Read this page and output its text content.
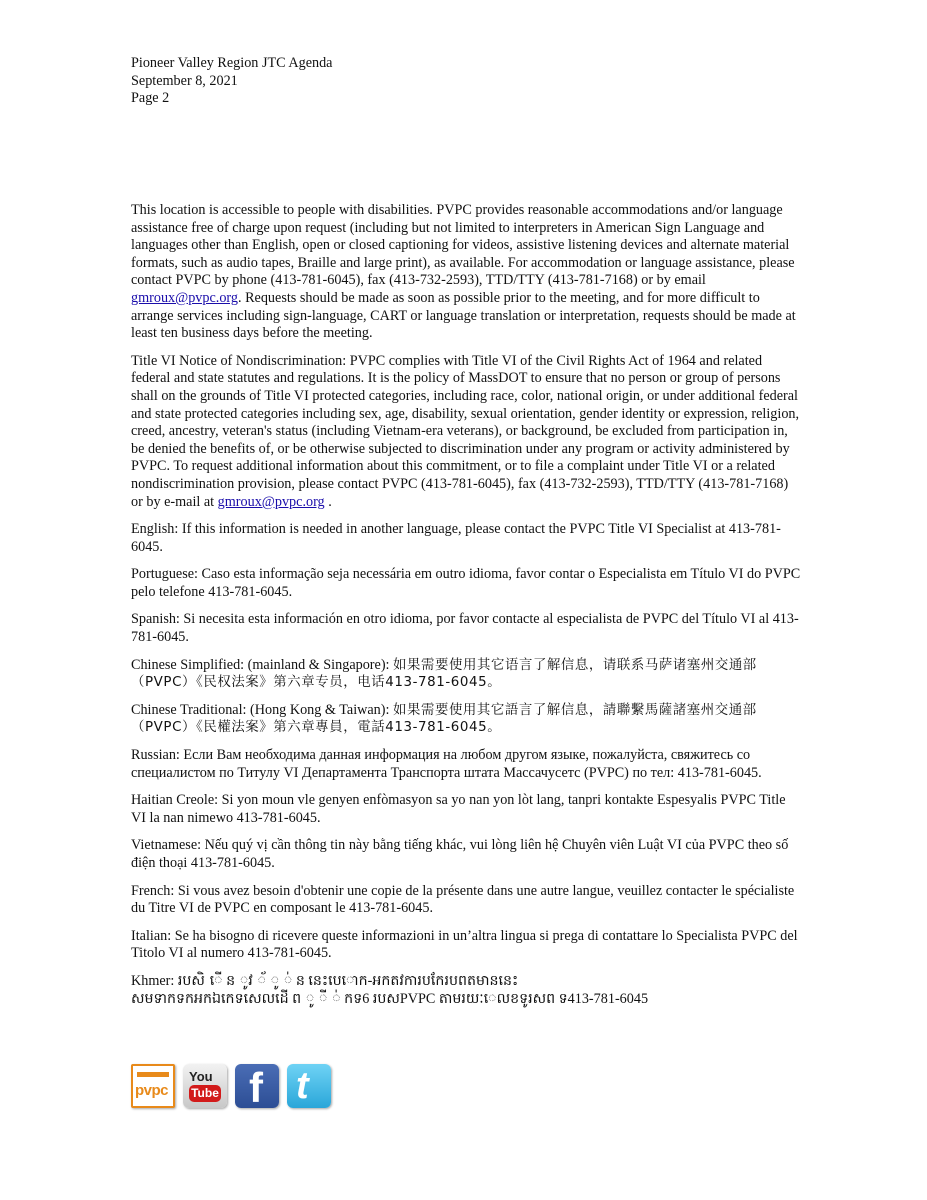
Pioneer Valley Region JTC Agenda
September 8, 2021
Page 2

This location is accessible to people with disabilities. PVPC provides reasonable accommodations and/or language assistance free of charge upon request (including but not limited to interpreters in American Sign Language and languages other than English, open or closed captioning for videos, assistive listening devices and alternate material formats, such as audio tapes, Braille and large print), as available. For accommodation or language assistance, please contact PVPC by phone (413-781-6045), fax (413-732-2593), TTD/TTY (413-781-7168) or by email gmroux@pvpc.org. Requests should be made as soon as possible prior to the meeting, and for more difficult to arrange services including sign-language, CART or language translation or interpretation, requests should be made at least ten business days before the meeting.

Title VI Notice of Nondiscrimination: PVPC complies with Title VI of the Civil Rights Act of 1964 and related federal and state statutes and regulations. It is the policy of MassDOT to ensure that no person or group of persons shall on the grounds of Title VI protected categories, including race, color, national origin, or under additional federal and state protected categories including sex, age, disability, sexual orientation, gender identity or expression, religion, creed, ancestry, veteran's status (including Vietnam-era veterans), or background, be excluded from participation in, be denied the benefits of, or be otherwise subjected to discrimination under any program or activity administered by PVPC. To request additional information about this commitment, or to file a complaint under Title VI or a related nondiscrimination provision, please contact PVPC (413-781-6045), fax (413-732-2593), TTD/TTY (413-781-7168) or by e-mail at gmroux@pvpc.org .

English: If this information is needed in another language, please contact the PVPC Title VI Specialist at 413-781-6045.

Portuguese: Caso esta informação seja necessária em outro idioma, favor contar o Especialista em Título VI do PVPC pelo telefone 413-781-6045.

Spanish: Si necesita esta información en otro idioma, por favor contacte al especialista de PVPC del Título VI al 413-781-6045.

Chinese Simplified: (mainland & Singapore): 如果需要使用其它语言了解信息，请联系马萨诸塞州交通部 （PVPC）《民权法案》第六章专员，电话413-781-6045。

Chinese Traditional: (Hong Kong & Taiwan): 如果需要使用其它語言了解信息，請聯繫馬薩諸塞州交通部 （PVPC）《民權法案》第六章專員，電話413-781-6045。

Russian: Если Вам необходима данная информация на любом другом языке, пожалуйста, свяжитесь со специалистом по Титулу VI Департамента Транспорта штата Массачусетс (PVPC) по тел: 413-781-6045.

Haitian Creole: Si yon moun vle genyen enfòmasyon sa yo nan yon lòt lang, tanpri kontakte Espesyalis PVPC Title VI la nan nimewo 413-781-6045.

Vietnamese: Nếu quý vị cần thông tin này bằng tiếng khác, vui lòng liên hệ Chuyên viên Luật VI của PVPC theo số điện thoại 413-781-6045.

French: Si vous avez besoin d'obtenir une copie de la présente dans une autre langue, veuillez contacter le spécialiste du Titre VI de PVPC en composant le 413-781-6045.

Italian: Se ha bisogno di ricevere queste informazioni in un’altra lingua si prega di contattare lo Specialista PVPC del Titolo VI al numero 413-781-6045.

Khmer: របសិ ើ ន ូវ ័ ូ ់ ន នេះបេោក-អកតវការបកែរបពតមាននេះ
សមទាកទកអកឯកេទសេលដើ ព ូ ី ់ កទ6 របសPVPC តាមរយៈេលខទូរសព ទ413-781-6045

pvpc
You
Tube f t
